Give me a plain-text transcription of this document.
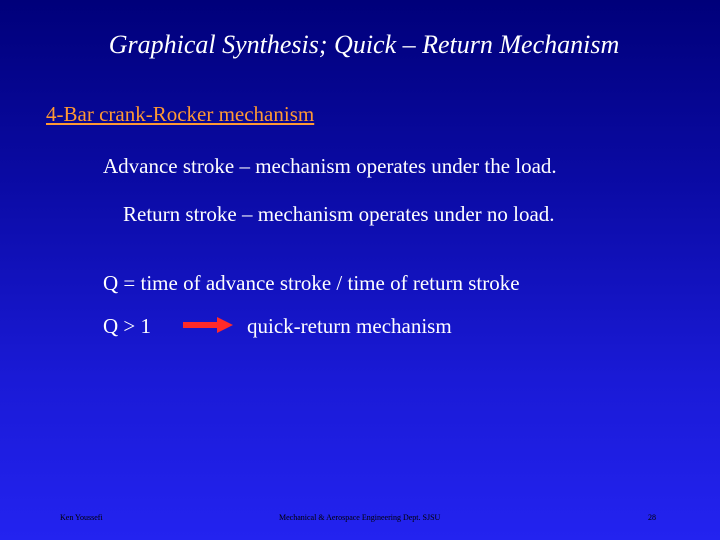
Graphical Synthesis; Quick – Return Mechanism
4-Bar crank-Rocker mechanism
Advance stroke – mechanism operates under the load.
Return stroke – mechanism operates under no load.
Q = time of advance stroke / time of return stroke
Q > 1	quick-return mechanism
Ken Youssefi	Mechanical & Aerospace Engineering Dept. SJSU	28
